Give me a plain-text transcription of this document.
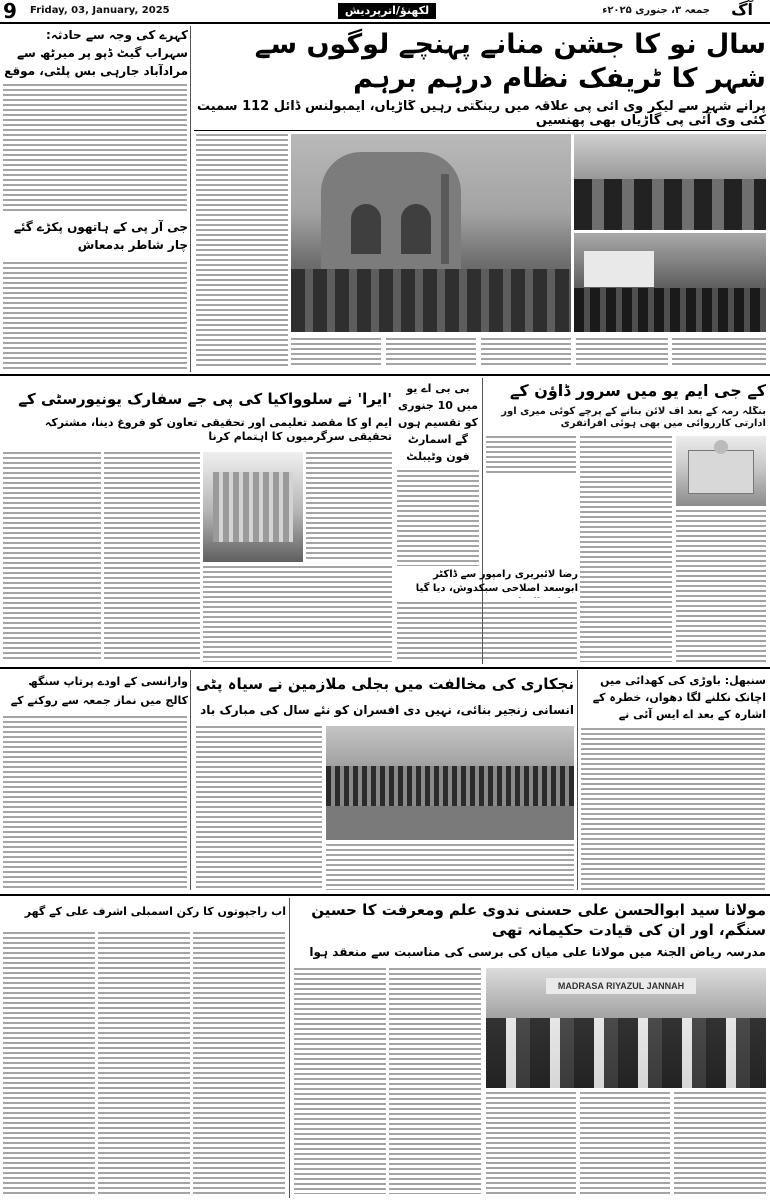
9 Friday, 03, January, 2025	لکھنؤ/اترپردیش	جمعہ ۳، جنوری ۲۰۲۵ء	آگ
کہرے کی وجہ سے حادثہ: سہراب گیٹ ڈپو پر میرٹھ سے مرادآباد جارہی بس پلٹی، موقع
جی آر پی کے ہاتھوں پکڑے گئے چار شاطر بدمعاش
سال نو کا جشن منانے پہنچے لوگوں سے شہر کا ٹریفک نظام درہم برہم
پرانے شہر سے لیکر وی آئی پی علاقہ میں رینگتی رہیں گاڑیاں، ایمبولنس ڈائل 112 سمیت کئی وی آئی پی گاڑیاں بھی پھنسیں
کے جی ایم یو میں سرور ڈاؤن کے
بنگلہ رمہ کے بعد آف لائن بنانے کے پرچے کوئی میری اور ادارتی کارروائی میں بھی ہوئی افراتفری
بی بی اے یو میں 10 جنوری کو تقسیم ہوں گے اسمارٹ فون وٹیبلٹ
'ایرا' نے سلوواکیا کی پی جے سفارک یونیورسٹی کے
ایم او کا مقصد تعلیمی اور تحقیقی تعاون کو فروغ دینا، مشترکہ تحقیقی سرگرمیوں کا اہتمام کرنا
رضا لائبریری رامپور سے ڈاکٹر ابوسعد اصلاحی سبکدوش، دیا گیا
وارانسی کے اودے پرتاپ سنگھ کالج میں نماز جمعہ سے روکنے کے
نجکاری کی مخالفت میں بجلی ملازمین نے سیاہ پٹی
انسانی زنجیر بنائی، نہیں دی افسران کو نئے سال کی مبارک باد
سنبھل: باوڑی کی کھدائی میں اچانک نکلنے لگا دھواں، خطرہ کے اشارہ کے بعد اے ایس آئی نے
اب راجپوتوں کا رکن اسمبلی اشرف علی کے گھر	مولانا سید ابوالحسن علی حسنی ندوی علم ومعرفت کا حسین سنگم، اور ان کی قیادت حکیمانہ تھی
مدرسہ ریاض الجنۃ میں مولانا علی میاں کی برسی کی مناسبت سے منعقد ہوا
MADRASA RIYAZUL JANNAH
